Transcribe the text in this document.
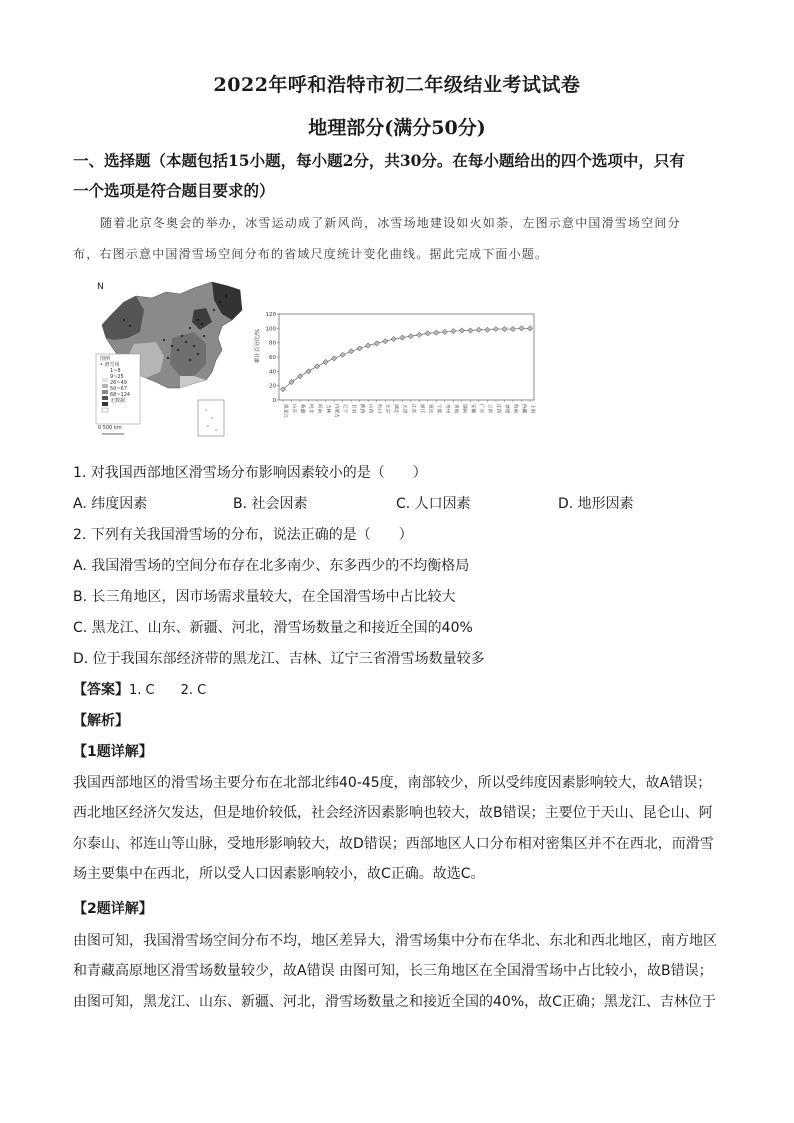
2022年呼和浩特市初二年级结业考试试卷
地理部分(满分50分)
一、选择题（本题包括15小题，每小题2分，共30分。在每小题给出的四个选项中，只有
一个选项是符合题目要求的）
随着北京冬奥会的举办，冰雪运动成了新风尚，冰雪场地建设如火如荼，左图示意中国滑雪场空间分
布，右图示意中国滑雪场空间分布的省域尺度统计变化曲线。据此完成下面小题。
N
图例
• 滑雪场
1~8
9~25
26~49
50~67
68~124
无数据
0 500 km
累计百分比/%
0
20
40
60
80
100
120
黑龙江 山东 新疆 河北 河南 吉林 内蒙古 辽宁 甘肃 陕西 山西 四川 北京 湖北 天津 江苏 浙江 重庆 宁夏 贵州 青海 湖南 安徽 广东 云南 江西 福建 海南 西藏 上海
1. 对我国西部地区滑雪场分布影响因素较小的是（　　）
A. 纬度因素	B. 社会因素	C. 人口因素	D. 地形因素
2. 下列有关我国滑雪场的分布，说法正确的是（　　）
A. 我国滑雪场的空间分布存在北多南少、东多西少的不均衡格局
B. 长三角地区，因市场需求量较大，在全国滑雪场中占比较大
C. 黑龙江、山东、新疆、河北，滑雪场数量之和接近全国的40%
D. 位于我国东部经济带的黑龙江、吉林、辽宁三省滑雪场数量较多
【答案】1. C　　2. C
【解析】
【1题详解】
我国西部地区的滑雪场主要分布在北部北纬40-45度，南部较少，所以受纬度因素影响较大，故A错误；
西北地区经济欠发达，但是地价较低，社会经济因素影响也较大，故B错误；主要位于天山、昆仑山、阿
尔泰山、祁连山等山脉，受地形影响较大，故D错误；西部地区人口分布相对密集区并不在西北，而滑雪
场主要集中在西北，所以受人口因素影响较小，故C正确。故选C。
【2题详解】
由图可知，我国滑雪场空间分布不均，地区差异大，滑雪场集中分布在华北、东北和西北地区，南方地区
和青藏高原地区滑雪场数量较少，故A错误 由图可知，长三角地区在全国滑雪场中占比较小，故B错误；
由图可知，黑龙江、山东、新疆、河北，滑雪场数量之和接近全国的40%，故C正确；黑龙江、吉林位于
